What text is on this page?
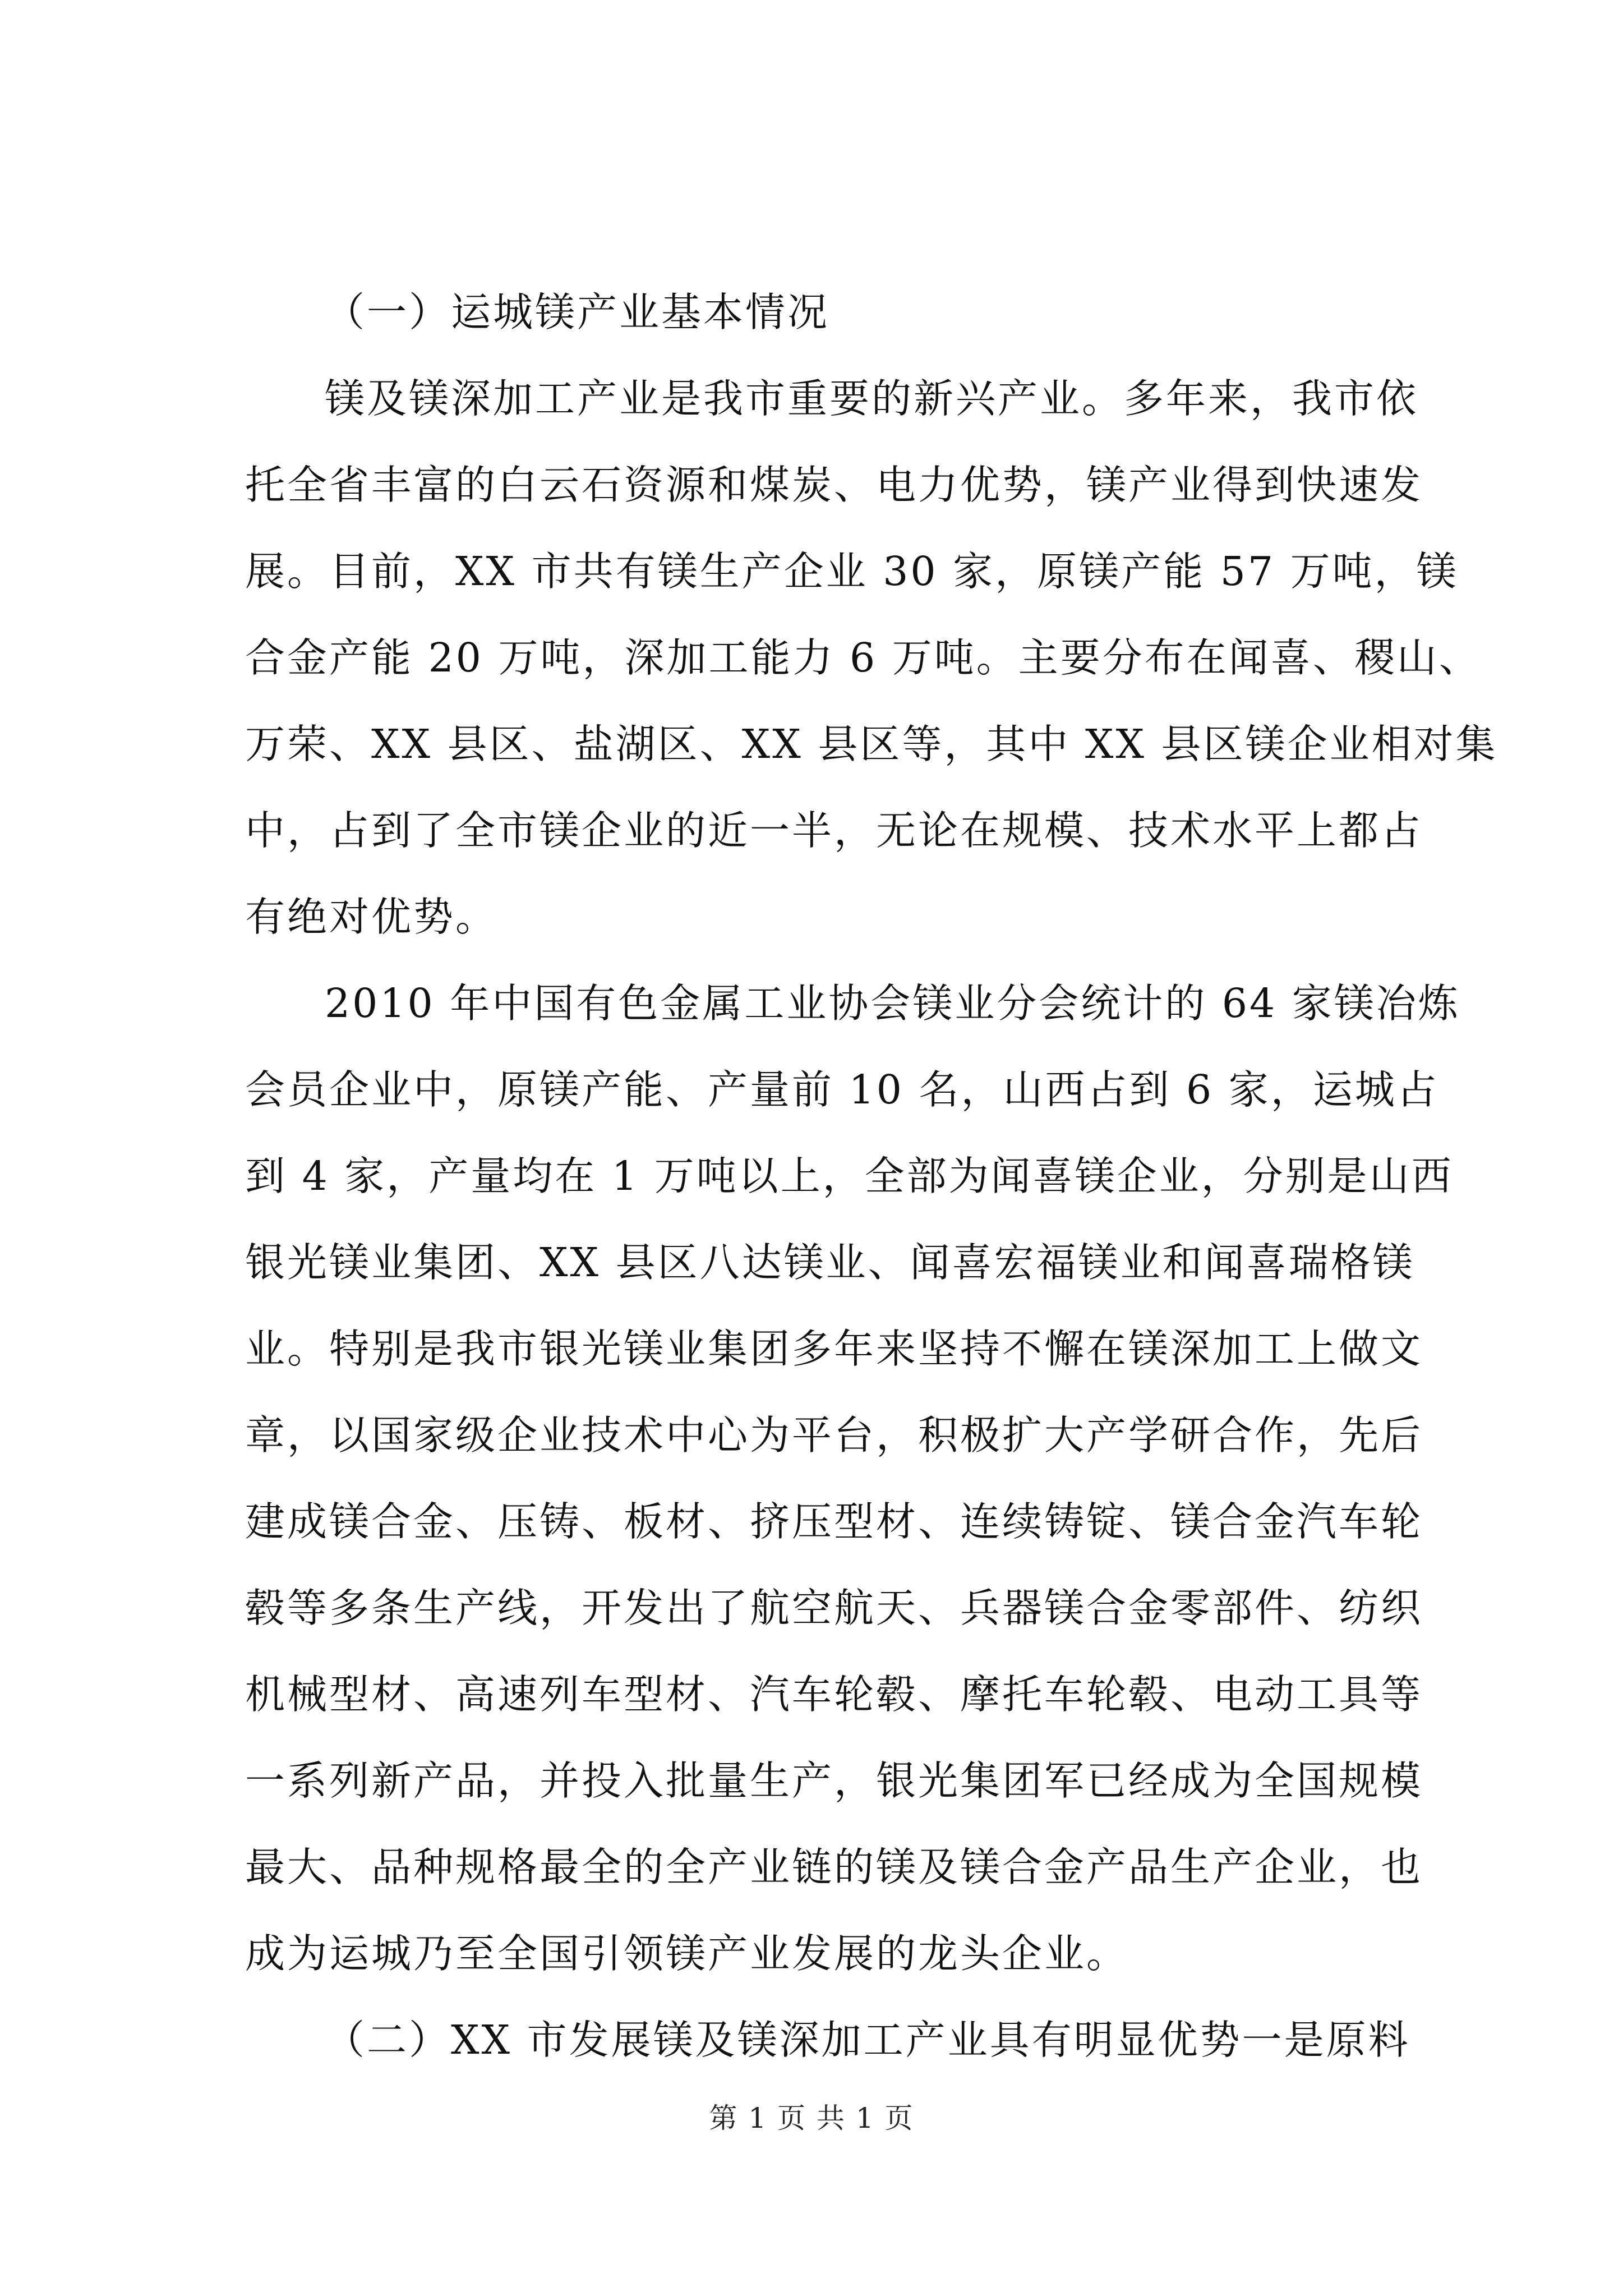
（一）运城镁产业基本情况

镁及镁深加工产业是我市重要的新兴产业。多年来，我市依

托全省丰富的白云石资源和煤炭、电力优势，镁产业得到快速发

展。目前，XX 市共有镁生产企业 30 家，原镁产能 57 万吨，镁

合金产能 20 万吨，深加工能力 6 万吨。主要分布在闻喜、稷山、

万荣、XX 县区、盐湖区、XX 县区等，其中 XX 县区镁企业相对集

中，占到了全市镁企业的近一半，无论在规模、技术水平上都占

有绝对优势。

2010 年中国有色金属工业协会镁业分会统计的 64 家镁冶炼

会员企业中，原镁产能、产量前 10 名，山西占到 6 家，运城占

到 4 家，产量均在 1 万吨以上，全部为闻喜镁企业，分别是山西

银光镁业集团、XX 县区八达镁业、闻喜宏福镁业和闻喜瑞格镁

业。特别是我市银光镁业集团多年来坚持不懈在镁深加工上做文

章，以国家级企业技术中心为平台，积极扩大产学研合作，先后

建成镁合金、压铸、板材、挤压型材、连续铸锭、镁合金汽车轮

毂等多条生产线，开发出了航空航天、兵器镁合金零部件、纺织

机械型材、高速列车型材、汽车轮毂、摩托车轮毂、电动工具等

一系列新产品，并投入批量生产，银光集团军已经成为全国规模

最大、品种规格最全的全产业链的镁及镁合金产品生产企业，也

成为运城乃至全国引领镁产业发展的龙头企业。

（二）XX 市发展镁及镁深加工产业具有明显优势一是原料

第 1 页 共 1 页
